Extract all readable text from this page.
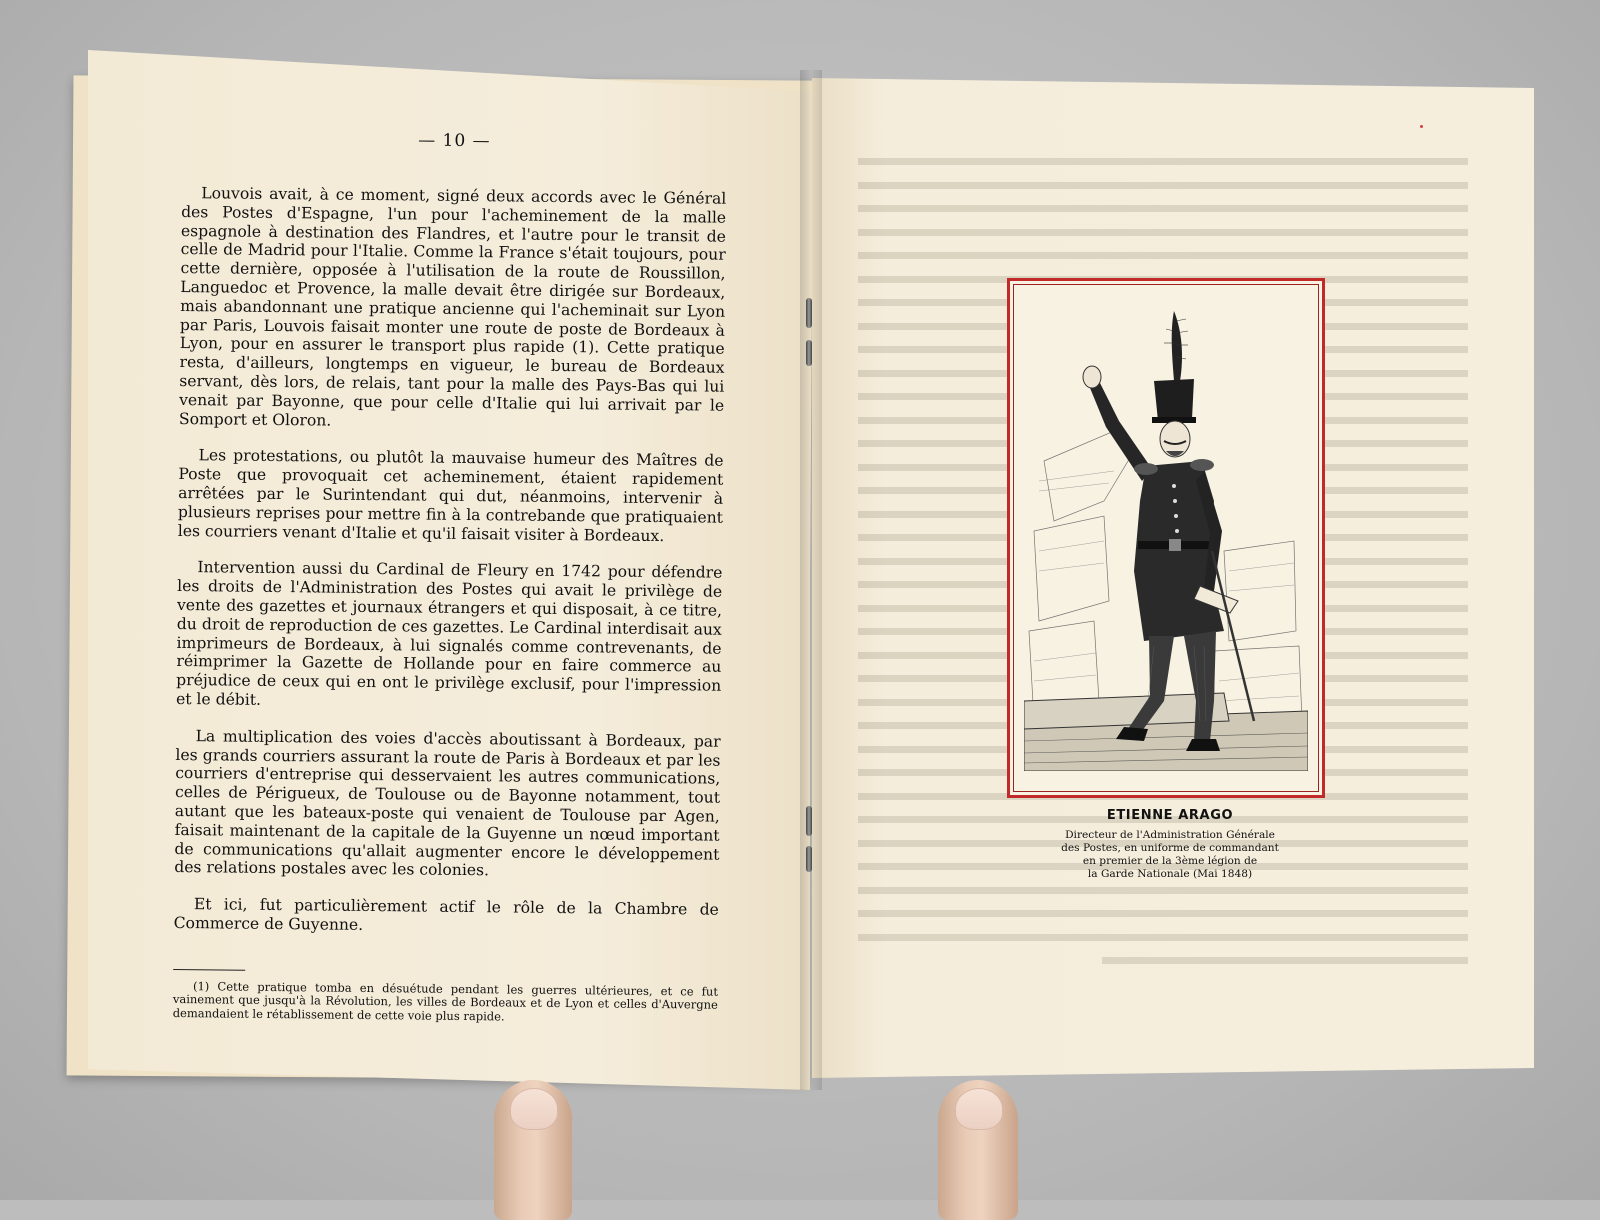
— 10 —

Louvois avait, à ce moment, signé deux accords avec le Général des Postes d'Espagne, l'un pour l'acheminement de la malle espagnole à destination des Flandres, et l'autre pour le transit de celle de Madrid pour l'Italie. Comme la France s'était toujours, pour cette dernière, opposée à l'utilisation de la route de Roussillon, Languedoc et Provence, la malle devait être dirigée sur Bordeaux, mais abandonnant une pratique ancienne qui l'acheminait sur Lyon par Paris, Louvois faisait monter une route de poste de Bordeaux à Lyon, pour en assurer le transport plus rapide (1). Cette pratique resta, d'ailleurs, longtemps en vigueur, le bureau de Bordeaux servant, dès lors, de relais, tant pour la malle des Pays-Bas qui lui venait par Bayonne, que pour celle d'Italie qui lui arrivait par le Somport et Oloron.

Les protestations, ou plutôt la mauvaise humeur des Maîtres de Poste que provoquait cet acheminement, étaient rapidement arrêtées par le Surintendant qui dut, néanmoins, intervenir à plusieurs reprises pour mettre fin à la contrebande que pratiquaient les courriers venant d'Italie et qu'il faisait visiter à Bordeaux.

Intervention aussi du Cardinal de Fleury en 1742 pour défendre les droits de l'Administration des Postes qui avait le privilège de vente des gazettes et journaux étrangers et qui disposait, à ce titre, du droit de reproduction de ces gazettes. Le Cardinal interdisait aux imprimeurs de Bordeaux, à lui signalés comme contrevenants, de réimprimer la Gazette de Hollande pour en faire commerce au préjudice de ceux qui en ont le privilège exclusif, pour l'impression et le débit.

La multiplication des voies d'accès aboutissant à Bordeaux, par les grands courriers assurant la route de Paris à Bordeaux et par les courriers d'entreprise qui desservaient les autres communications, celles de Périgueux, de Toulouse ou de Bayonne notamment, tout autant que les bateaux-poste qui venaient de Toulouse par Agen, faisait maintenant de la capitale de la Guyenne un nœud important de communications qu'allait augmenter encore le développement des relations postales avec les colonies.

Et ici, fut particulièrement actif le rôle de la Chambre de Commerce de Guyenne.

(1) Cette pratique tomba en désuétude pendant les guerres ultérieures, et ce fut vainement que jusqu'à la Révolution, les villes de Bordeaux et de Lyon et celles d'Auvergne demandaient le rétablissement de cette voie plus rapide.

ETIENNE ARAGO
Directeur de l'Administration Générale
des Postes, en uniforme de commandant
en premier de la 3ème légion de
la Garde Nationale (Mai 1848)
